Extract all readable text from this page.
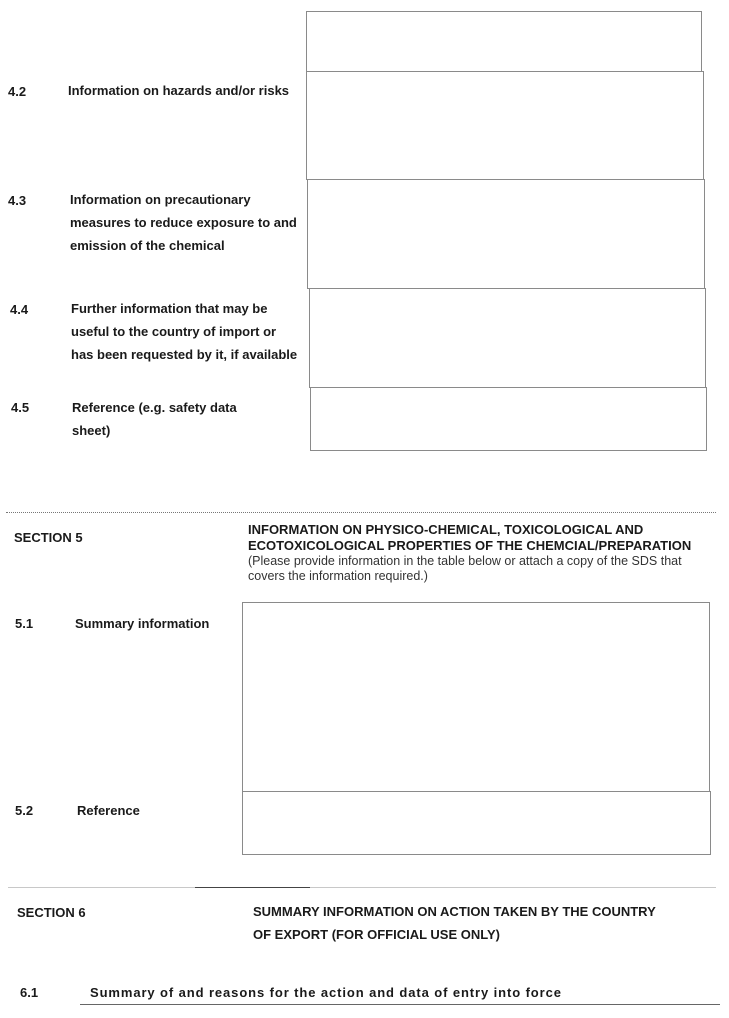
4.2	Information on hazards and/or risks
4.3	Information on precautionary measures to reduce exposure to and emission of the chemical
4.4	Further information that may be useful to the country of import or has been requested by it, if available
4.5	Reference (e.g. safety data sheet)
SECTION 5
INFORMATION ON PHYSICO-CHEMICAL, TOXICOLOGICAL AND ECOTOXICOLOGICAL PROPERTIES OF THE CHEMCIAL/PREPARATION
(Please provide information in the table below or attach a copy of the SDS that covers the information required.)
5.1	Summary information
5.2	Reference
SECTION 6	SUMMARY INFORMATION ON ACTION TAKEN BY THE COUNTRY OF EXPORT (FOR OFFICIAL USE ONLY)
6.1	Summary of and reasons for the action and data of entry into force
